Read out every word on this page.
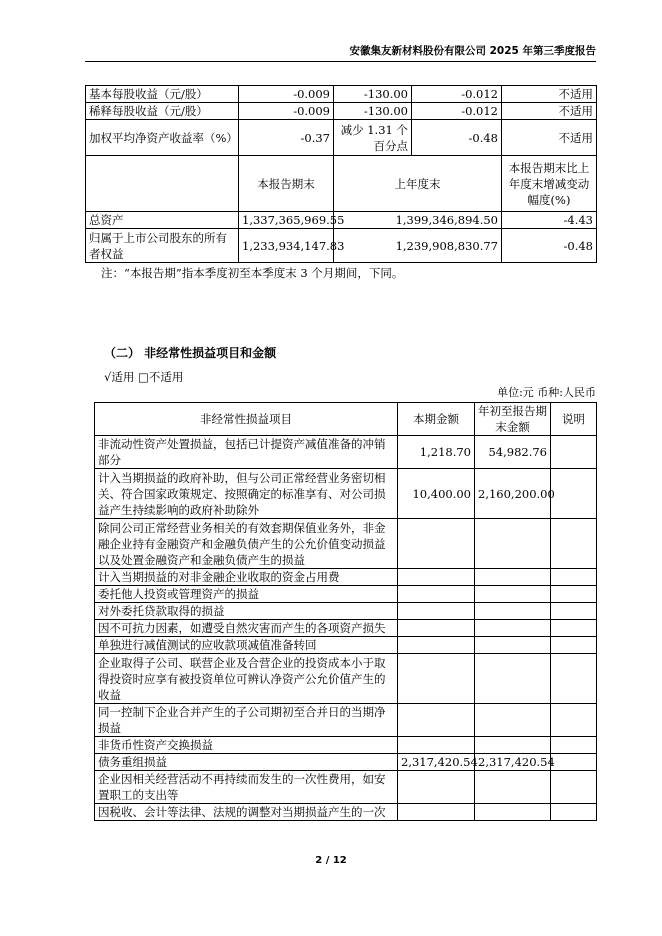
安徽集友新材料股份有限公司 2025 年第三季度报告
基本每股收益（元/股）	-0.009	-130.00	-0.012	不适用
稀释每股收益（元/股）	-0.009	-130.00	-0.012	不适用
加权平均净资产收益率（%）	-0.37	减少 1.31 个百分点	-0.48	不适用
	本报告期末	上年度末		本报告期末比上年度末增减变动幅度(%)
总资产	1,337,365,969.55	1,399,346,894.50		-4.43
归属于上市公司股东的所有者权益	1,233,934,147.83	1,239,908,830.77		-0.48
注：“本报告期”指本季度初至本季度末 3 个月期间，下同。
（二） 非经常性损益项目和金额
√适用 □不适用
单位:元 币种:人民币
非经常性损益项目	本期金额	年初至报告期末金额	说明
非流动性资产处置损益，包括已计提资产减值准备的冲销部分	1,218.70	54,982.76	
计入当期损益的政府补助，但与公司正常经营业务密切相关、符合国家政策规定、按照确定的标准享有、对公司损益产生持续影响的政府补助除外	10,400.00	2,160,200.00	
除同公司正常经营业务相关的有效套期保值业务外，非金融企业持有金融资产和金融负债产生的公允价值变动损益以及处置金融资产和金融负债产生的损益			
计入当期损益的对非金融企业收取的资金占用费			
委托他人投资或管理资产的损益			
对外委托贷款取得的损益			
因不可抗力因素，如遭受自然灾害而产生的各项资产损失			
单独进行减值测试的应收款项减值准备转回			
企业取得子公司、联营企业及合营企业的投资成本小于取得投资时应享有被投资单位可辨认净资产公允价值产生的收益			
同一控制下企业合并产生的子公司期初至合并日的当期净损益			
非货币性资产交换损益			
债务重组损益	2,317,420.54	2,317,420.54	
企业因相关经营活动不再持续而发生的一次性费用，如安置职工的支出等			
因税收、会计等法律、法规的调整对当期损益产生的一次			
2 / 12
